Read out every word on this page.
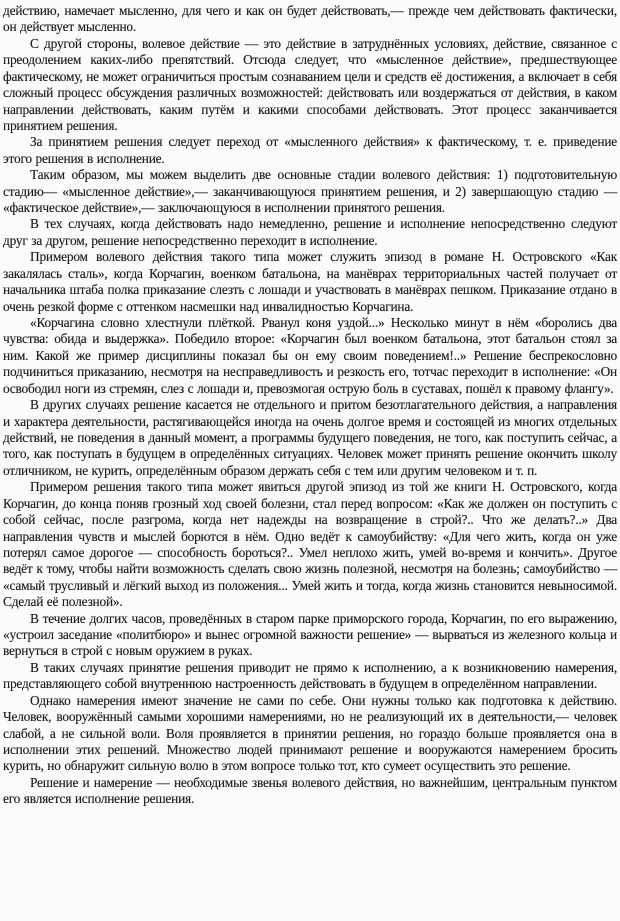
действию, намечает мысленно, для чего и как он будет действовать,— прежде чем действовать фактически, он действует мысленно.

С другой стороны, волевое действие — это действие в затруднённых условиях, действие, связанное с преодолением каких-либо препятствий. Отсюда следует, что «мысленное действие», предшествующее фактическому, не может ограничиться простым сознаванием цели и средств её достижения, а включает в себя сложный процесс обсуждения различных возможностей: действовать или воздержаться от действия, в каком направлении действовать, каким путём и какими способами действовать. Этот процесс заканчивается принятием решения.

За принятием решения следует переход от «мысленного действия» к фактическому, т. е. приведение этого решения в исполнение.

Таким образом, мы можем выделить две основные стадии волевого действия: 1) подготовительную стадию— «мысленное действие»,— заканчивающуюся принятием решения, и 2) завершающую стадию — «фактическое действие»,— заключающуюся в исполнении принятого решения.

В тех случаях, когда действовать надо немедленно, решение и исполнение непосредственно следуют друг за другом, решение непосредственно переходит в исполнение.

Примером волевого действия такого типа может служить эпизод в романе Н. Островского «Как закалялась сталь», когда Корчагин, военком батальона, на манёврах территориальных частей получает от начальника штаба полка приказание слезть с лошади и участвовать в манёврах пешком. Приказание отдано в очень резкой форме с оттенком насмешки над инвалидностью Корчагина.

«Корчагина словно хлестнули плёткой. Рванул коня уздой...» Несколько минут в нём «боролись два чувства: обида и выдержка». Победило второе: «Корчагин был военком батальона, этот батальон стоял за ним. Какой же пример дисциплины показал бы он ему своим поведением!..» Решение беспрекословно подчиниться приказанию, несмотря на несправедливость и резкость его, тотчас переходит в исполнение: «Он освободил ноги из стремян, слез с лошади и, превозмогая острую боль в суставах, пошёл к правому флангу».

В других случаях решение касается не отдельного и притом безотлагательного действия, а направления и характера деятельности, растягивающейся иногда на очень долгое время и состоящей из многих отдельных действий, не поведения в данный момент, а программы будущего поведения, не того, как поступить сейчас, а того, как поступать в будущем в определённых ситуациях. Человек может принять решение окончить школу отличником, не курить, определённым образом держать себя с тем или другим человеком и т. п.

Примером решения такого типа может явиться другой эпизод из той же книги Н. Островского, когда Корчагин, до конца поняв грозный ход своей болезни, стал перед вопросом: «Как же должен он поступить с собой сейчас, после разгрома, когда нет надежды на возвращение в строй?.. Что же делать?..» Два направления чувств и мыслей борются в нём. Одно ведёт к самоубийству: «Для чего жить, когда он уже потерял самое дорогое — способность бороться?.. Умел неплохо жить, умей во-время и кончить». Другое ведёт к тому, чтобы найти возможность сделать свою жизнь полезной, несмотря на болезнь; самоубийство — «самый трусливый и лёгкий выход из положения... Умей жить и тогда, когда жизнь становится невыносимой. Сделай её полезной».

В течение долгих часов, проведённых в старом парке приморского города, Корчагин, по его выражению, «устроил заседание «политбюро» и вынес огромной важности решение» — вырваться из железного кольца и вернуться в строй с новым оружием в руках.

В таких случаях принятие решения приводит не прямо к исполнению, а к возникновению намерения, представляющего собой внутреннюю настроенность действовать в будущем в определённом направлении.

Однако намерения имеют значение не сами по себе. Они нужны только как подготовка к действию. Человек, вооружённый самыми хорошими намерениями, но не реализующий их в деятельности,— человек слабой, а не сильной воли. Воля проявляется в принятии решения, но гораздо больше проявляется она в исполнении этих решений. Множество людей принимают решение и вооружаются намерением бросить курить, но обнаружит сильную волю в этом вопросе только тот, кто сумеет осуществить это решение.

Решение и намерение — необходимые звенья волевого действия, но важнейшим, центральным пунктом его является исполнение решения.
